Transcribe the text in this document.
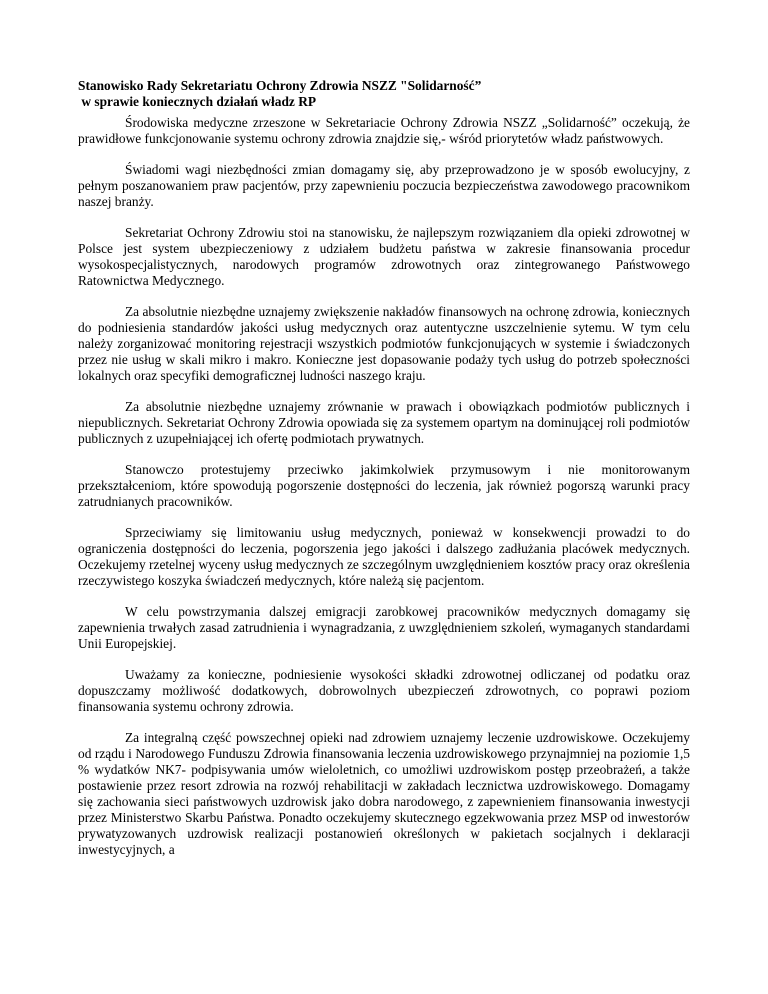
Stanowisko Rady Sekretariatu Ochrony Zdrowia NSZZ "Solidarność”
w sprawie koniecznych działań władz RP

Środowiska medyczne zrzeszone w Sekretariacie Ochrony Zdrowia NSZZ „Solidarność” oczekują, że prawidłowe funkcjonowanie systemu ochrony zdrowia znajdzie się,- wśród priorytetów władz państwowych.

Świadomi wagi niezbędności zmian domagamy się, aby przeprowadzono je w sposób ewolucyjny, z pełnym poszanowaniem praw pacjentów, przy zapewnieniu poczucia bezpieczeństwa zawodowego pracownikom naszej branży.

Sekretariat Ochrony Zdrowiu stoi na stanowisku, że najlepszym rozwiązaniem dla opieki zdrowotnej w Polsce jest system ubezpieczeniowy z udziałem budżetu państwa w zakresie finansowania procedur wysokospecjalistycznych, narodowych programów zdrowotnych oraz zintegrowanego Państwowego Ratownictwa Medycznego.

Za absolutnie niezbędne uznajemy zwiększenie nakładów finansowych na ochronę zdrowia, koniecznych do podniesienia standardów jakości usług medycznych oraz autentyczne uszczelnienie sytemu. W tym celu należy zorganizować monitoring rejestracji wszystkich podmiotów funkcjonujących w systemie i świadczonych przez nie usług w skali mikro i makro. Konieczne jest dopasowanie podaży tych usług do potrzeb społeczności lokalnych oraz specyfiki demograficznej ludności naszego kraju.

Za absolutnie niezbędne uznajemy zrównanie w prawach i obowiązkach podmiotów publicznych i niepublicznych. Sekretariat Ochrony Zdrowia opowiada się za systemem opartym na dominującej roli podmiotów publicznych z uzupełniającej ich ofertę podmiotach prywatnych.

Stanowczo protestujemy przeciwko jakimkolwiek przymusowym i nie monitorowanym przekształceniom, które spowodują pogorszenie dostępności do leczenia, jak również pogorszą warunki pracy zatrudnianych pracowników.

Sprzeciwiamy się limitowaniu usług medycznych, ponieważ w konsekwencji prowadzi to do ograniczenia dostępności do leczenia, pogorszenia jego jakości i dalszego zadłużania placówek medycznych. Oczekujemy rzetelnej wyceny usług medycznych ze szczególnym uwzględnieniem kosztów pracy oraz określenia rzeczywistego koszyka świadczeń medycznych, które należą się pacjentom.

W celu powstrzymania dalszej emigracji zarobkowej pracowników medycznych domagamy się zapewnienia trwałych zasad zatrudnienia i wynagradzania, z uwzględnieniem szkoleń, wymaganych standardami Unii Europejskiej.

Uważamy za konieczne, podniesienie wysokości składki zdrowotnej odliczanej od podatku oraz dopuszczamy możliwość dodatkowych, dobrowolnych ubezpieczeń zdrowotnych, co poprawi poziom finansowania systemu ochrony zdrowia.

Za integralną część powszechnej opieki nad zdrowiem uznajemy leczenie uzdrowiskowe. Oczekujemy od rządu i Narodowego Funduszu Zdrowia finansowania leczenia uzdrowiskowego przynajmniej na poziomie 1,5 % wydatków NK7- podpisywania umów wieloletnich, co umożliwi uzdrowiskom postęp przeobrażeń, a także postawienie przez resort zdrowia na rozwój rehabilitacji w zakładach lecznictwa uzdrowiskowego. Domagamy się zachowania sieci państwowych uzdrowisk jako dobra narodowego, z zapewnieniem finansowania inwestycji przez Ministerstwo Skarbu Państwa. Ponadto oczekujemy skutecznego egzekwowania przez MSP od inwestorów prywatyzowanych uzdrowisk realizacji postanowień określonych w pakietach socjalnych i deklaracji inwestycyjnych, a
